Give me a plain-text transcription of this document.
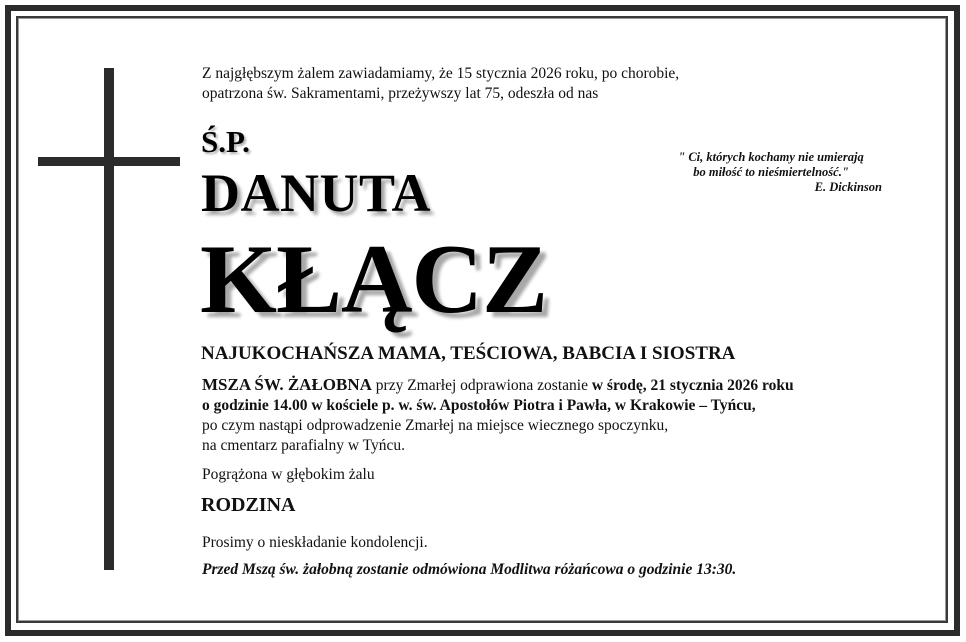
Z najgłębszym żalem zawiadamiamy, że 15 stycznia 2026 roku, po chorobie,
opatrzona św. Sakramentami, przeżywszy lat 75, odeszła od nas

Ś.P.
DANUTA
KŁĄCZ
" Ci, których kochamy nie umierają
bo miłość to nieśmiertelność."
E. Dickinson
NAJUKOCHAŃSZA MAMA, TEŚCIOWA, BABCIA I SIOSTRA
MSZA ŚW. ŻAŁOBNA przy Zmarłej odprawiona zostanie w środę, 21 stycznia 2026 roku
o godzinie 14.00 w kościele p. w. św. Apostołów Piotra i Pawła, w Krakowie – Tyńcu,
po czym nastąpi odprowadzenie Zmarłej na miejsce wiecznego spoczynku,
na cmentarz parafialny w Tyńcu.
Pogrążona w głębokim żalu
RODZINA
Prosimy o nieskładanie kondolencji.
Przed Mszą św. żałobną zostanie odmówiona Modlitwa różańcowa o godzinie 13:30.
